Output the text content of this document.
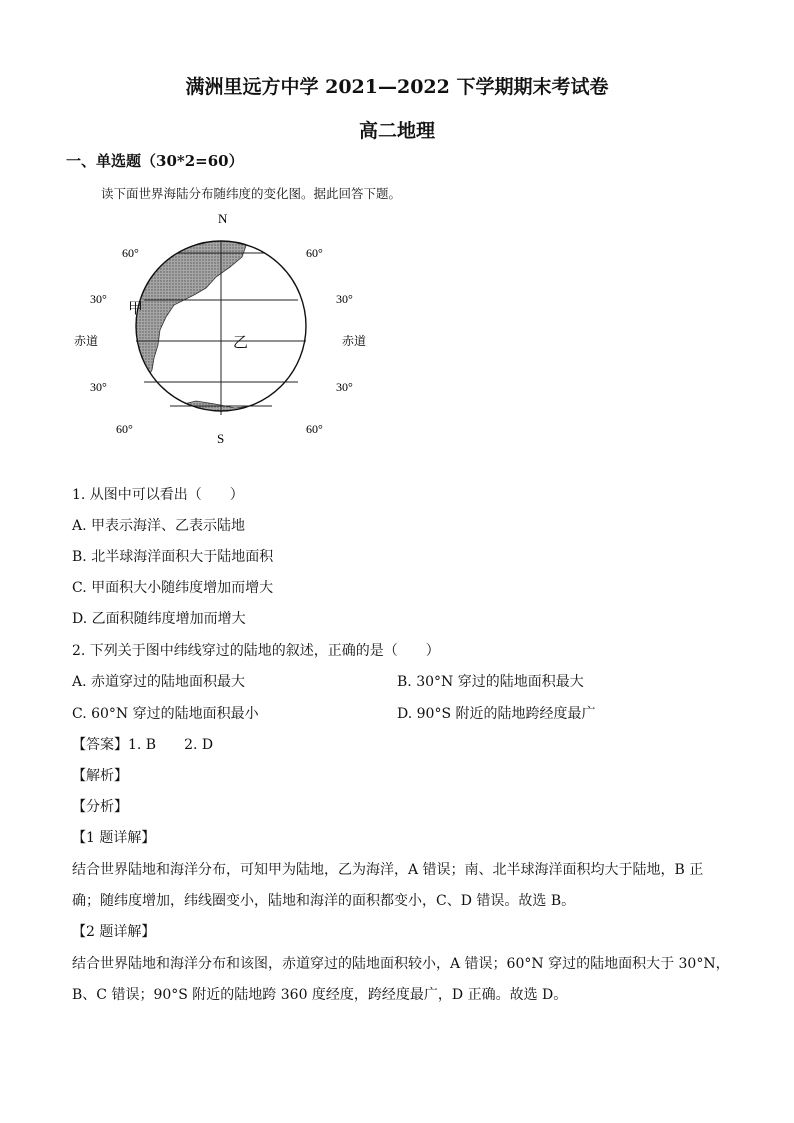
满洲里远方中学 2021—2022 下学期期末考试卷
高二地理
一、单选题（30*2=60）
读下面世界海陆分布随纬度的变化图。据此回答下题。
N
S
60°	60°
30°	30°
赤道	赤道
30°	30°
60°	60°
甲
乙
1. 从图中可以看出（　　）
A. 甲表示海洋、乙表示陆地
B. 北半球海洋面积大于陆地面积
C. 甲面积大小随纬度增加而增大
D. 乙面积随纬度增加而增大
2. 下列关于图中纬线穿过的陆地的叙述，正确的是（　　）
A. 赤道穿过的陆地面积最大	B. 30°N 穿过的陆地面积最大
C. 60°N 穿过的陆地面积最小	D. 90°S 附近的陆地跨经度最广
【答案】1. B　　2. D
【解析】
【分析】
【1 题详解】
结合世界陆地和海洋分布，可知甲为陆地，乙为海洋，A 错误；南、北半球海洋面积均大于陆地，B 正
确；随纬度增加，纬线圈变小，陆地和海洋的面积都变小，C、D 错误。故选 B。
【2 题详解】
结合世界陆地和海洋分布和该图，赤道穿过的陆地面积较小，A 错误；60°N 穿过的陆地面积大于 30°N，
B、C 错误；90°S 附近的陆地跨 360 度经度，跨经度最广，D 正确。故选 D。
